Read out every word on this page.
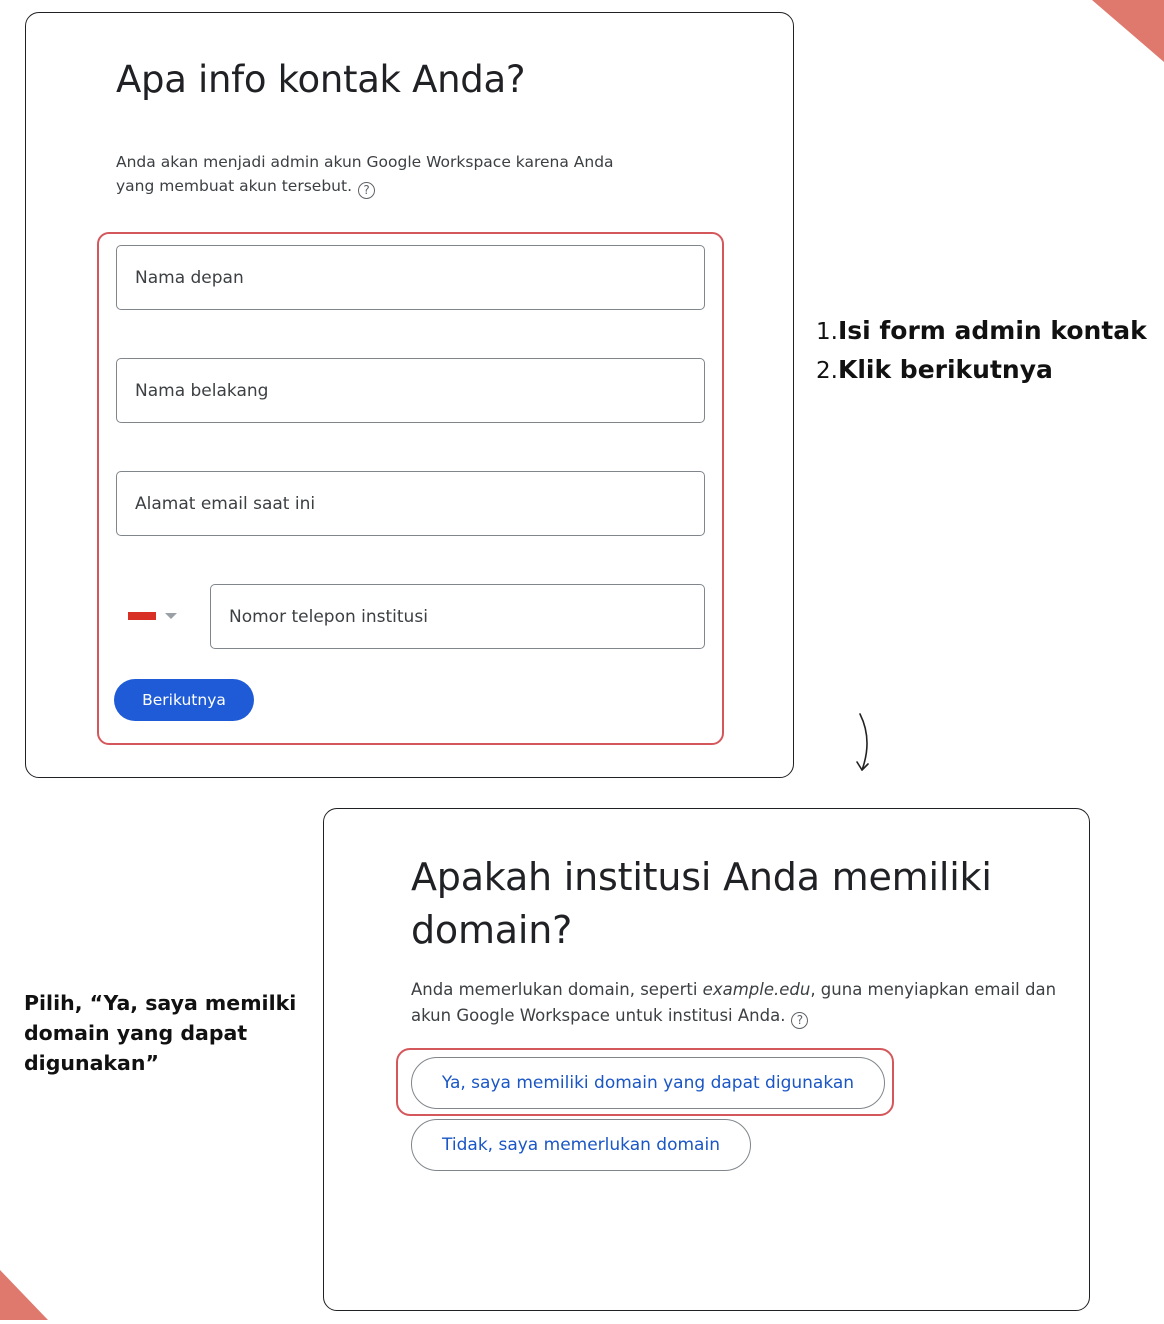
Apa info kontak Anda?

Anda akan menjadi admin akun Google Workspace karena Anda yang membuat akun tersebut. ?

Nama depan
Nama belakang
Alamat email saat ini
Nomor telepon institusi
Berikutnya
1.Isi form admin kontak
2.Klik berikutnya
Apakah institusi Anda memiliki domain?

Anda memerlukan domain, seperti example.edu, guna menyiapkan email dan akun Google Workspace untuk institusi Anda. ?

Ya, saya memiliki domain yang dapat digunakan
Tidak, saya memerlukan domain
Pilih, “Ya, saya memilki domain yang dapat digunakan”
